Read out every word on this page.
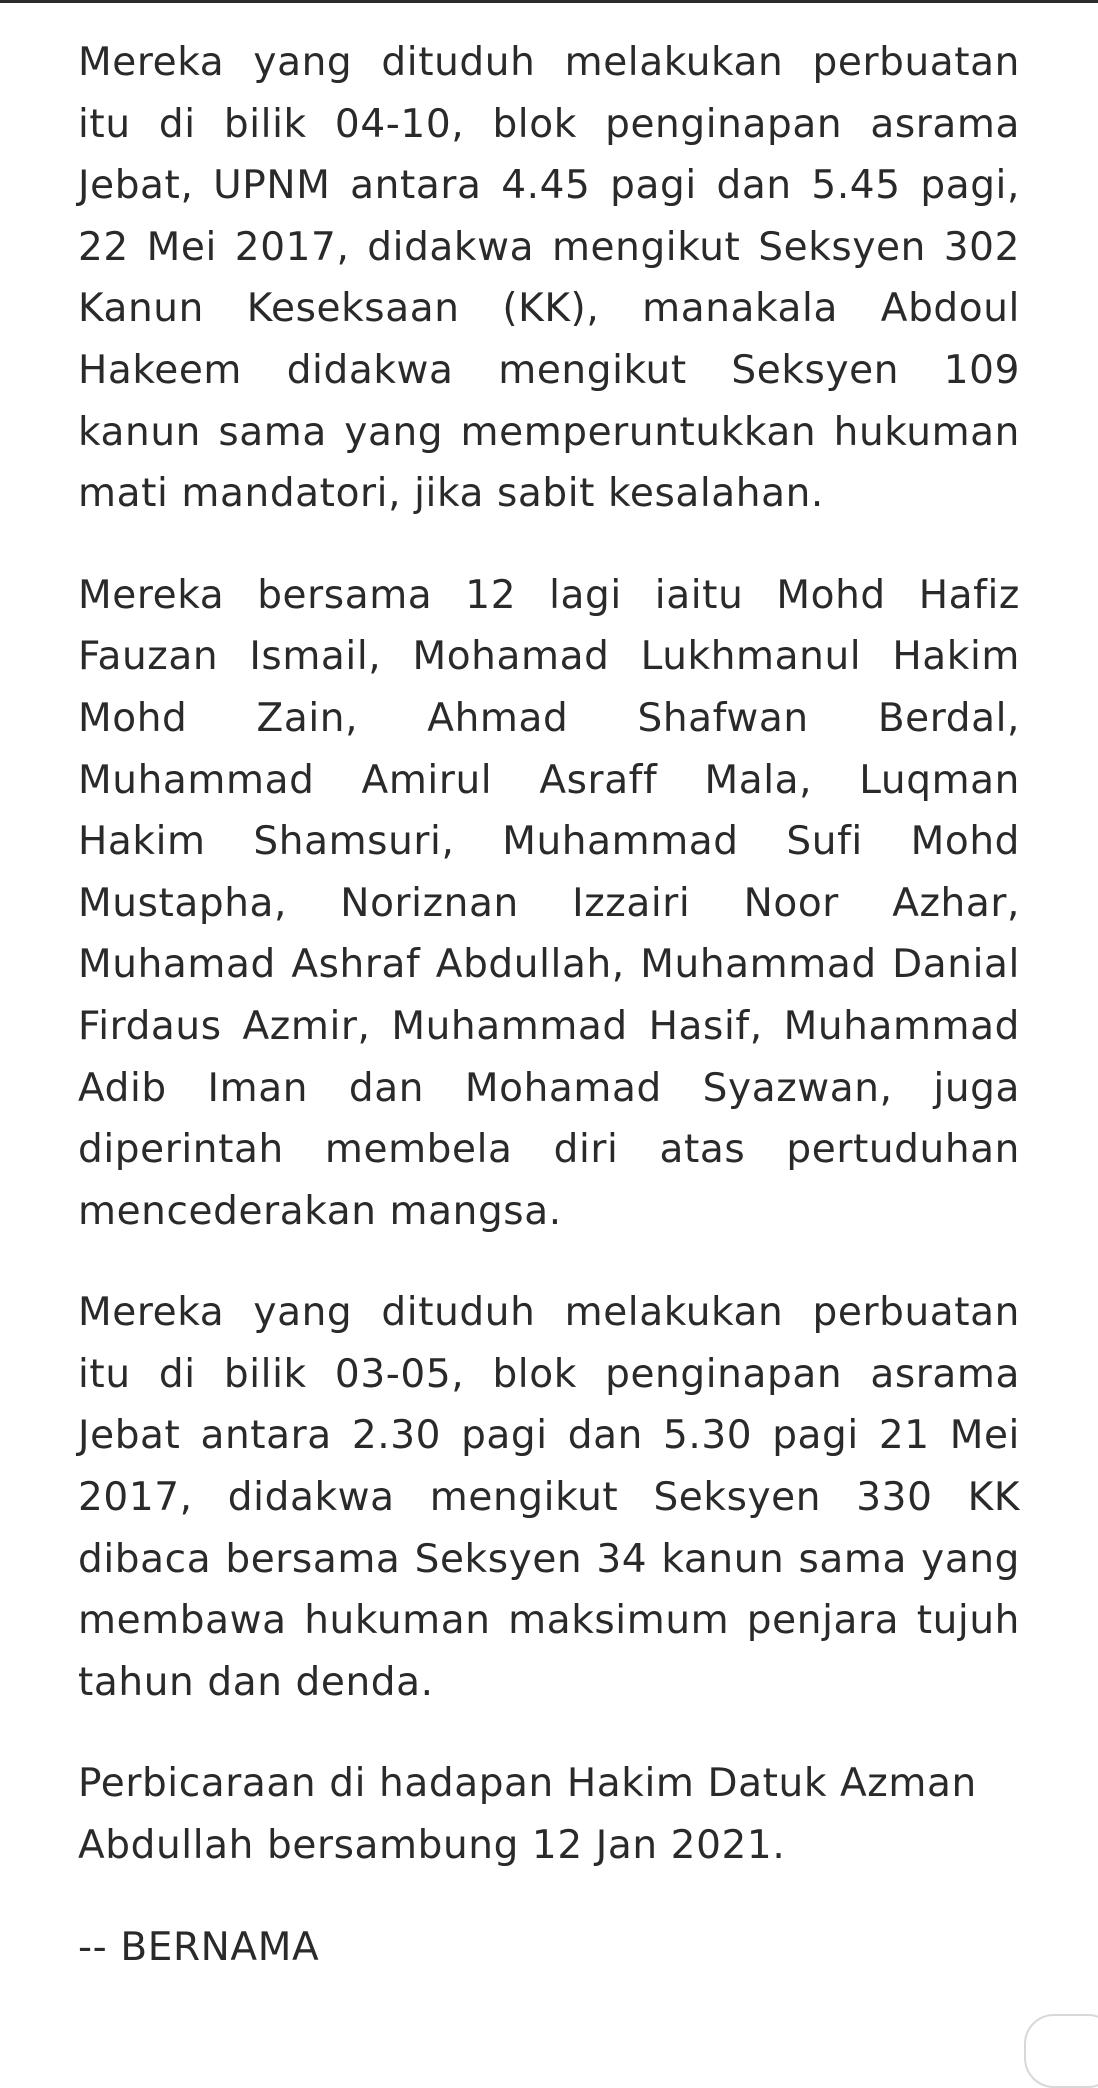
Mereka yang dituduh melakukan perbuatan itu di bilik 04-10, blok penginapan asrama Jebat, UPNM antara 4.45 pagi dan 5.45 pagi, 22 Mei 2017, didakwa mengikut Seksyen 302 Kanun Keseksaan (KK), manakala Abdoul Hakeem didakwa mengikut Seksyen 109 kanun sama yang memperuntukkan hukuman mati mandatori, jika sabit kesalahan.

Mereka bersama 12 lagi iaitu Mohd Hafiz Fauzan Ismail, Mohamad Lukhmanul Hakim Mohd Zain, Ahmad Shafwan Berdal, Muhammad Amirul Asraff Mala, Luqman Hakim Shamsuri, Muhammad Sufi Mohd Mustapha, Noriznan Izzairi Noor Azhar, Muhamad Ashraf Abdullah, Muhammad Danial Firdaus Azmir, Muhammad Hasif, Muhammad Adib Iman dan Mohamad Syazwan, juga diperintah membela diri atas pertuduhan mencederakan mangsa.

Mereka yang dituduh melakukan perbuatan itu di bilik 03-05, blok penginapan asrama Jebat antara 2.30 pagi dan 5.30 pagi 21 Mei 2017, didakwa mengikut Seksyen 330 KK dibaca bersama Seksyen 34 kanun sama yang membawa hukuman maksimum penjara tujuh tahun dan denda.

Perbicaraan di hadapan Hakim Datuk Azman Abdullah bersambung 12 Jan 2021.

-- BERNAMA
